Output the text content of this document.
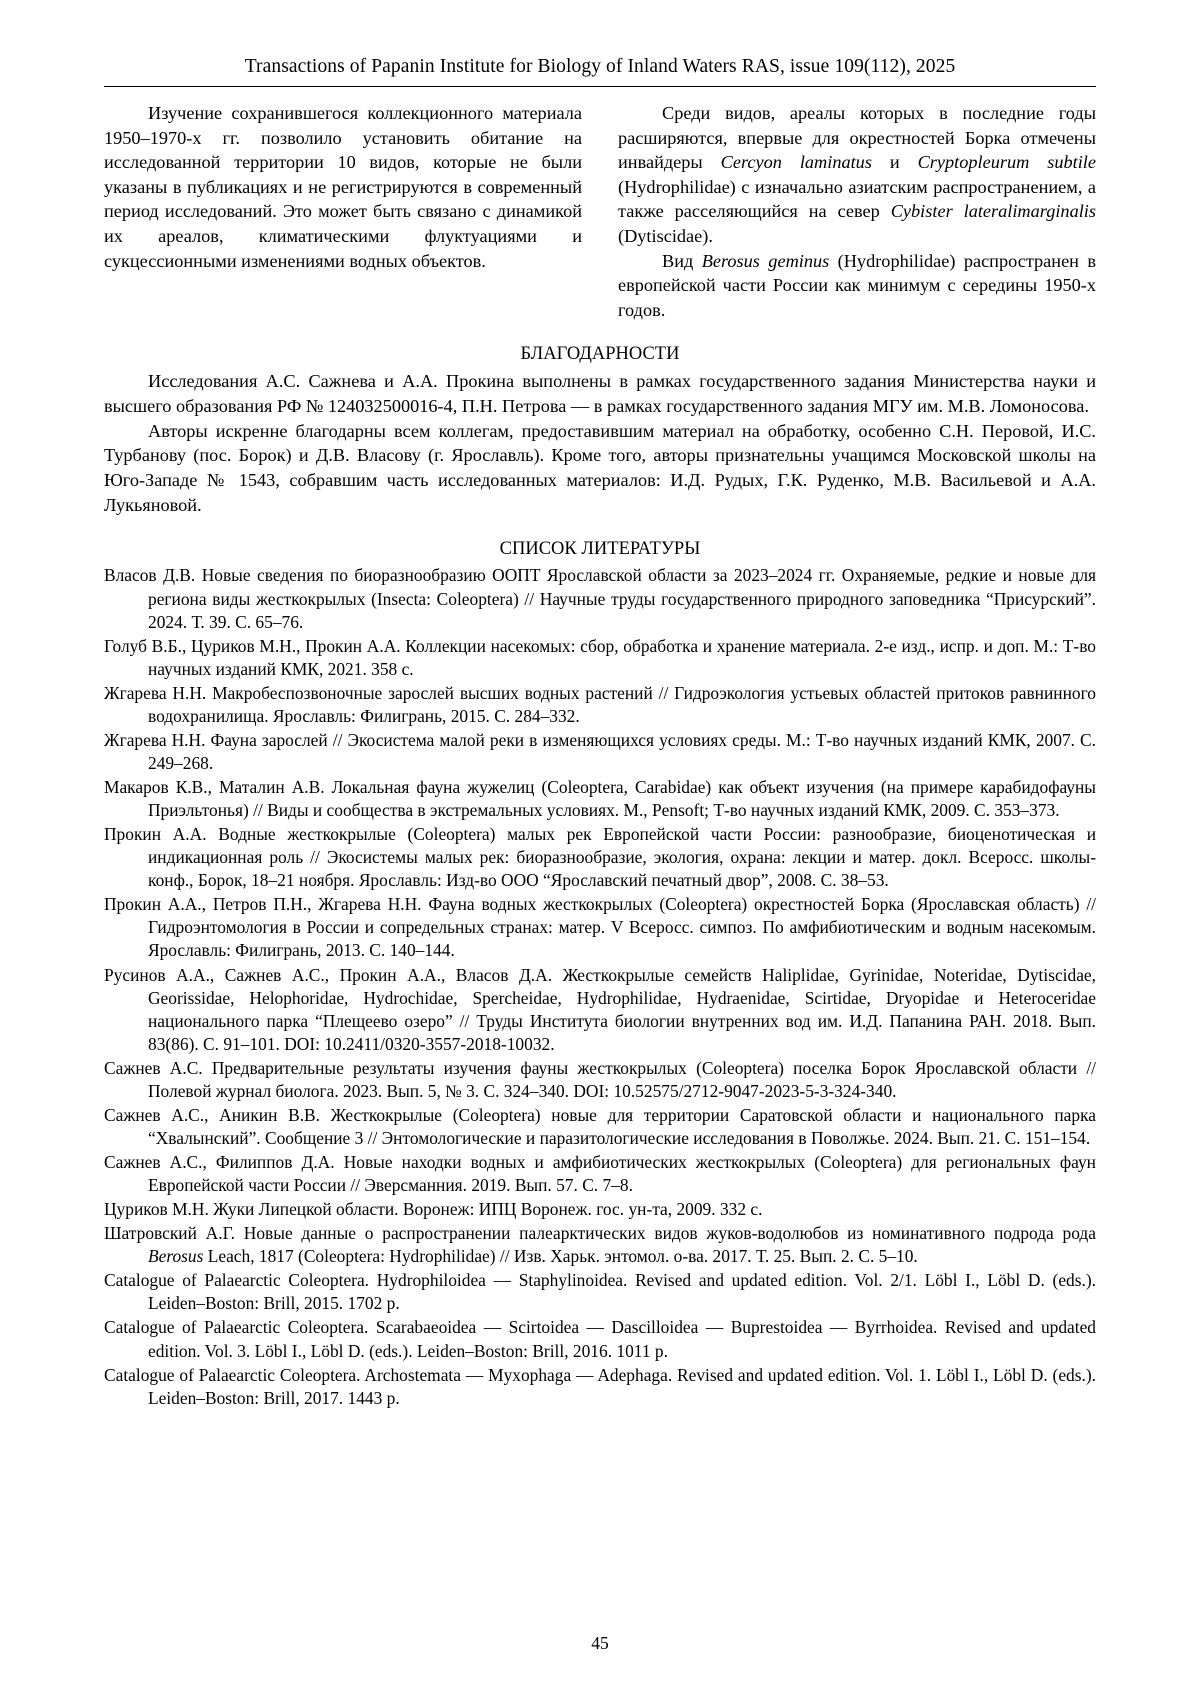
Transactions of Papanin Institute for Biology of Inland Waters RAS, issue 109(112), 2025

Изучение сохранившегося коллекционного материала 1950–1970-х гг. позволило установить обитание на исследованной территории 10 видов, которые не были указаны в публикациях и не регистрируются в современный период исследований. Это может быть связано с динамикой их ареалов, климатическими флуктуациями и сукцессионными изменениями водных объектов.

Среди видов, ареалы которых в последние годы расширяются, впервые для окрестностей Борка отмечены инвайдеры Cercyon laminatus и Cryptopleurum subtile (Hydrophilidae) с изначально азиатским распространением, а также расселяющийся на север Cybister lateralimarginalis (Dytiscidae).

Вид Berosus geminus (Hydrophilidae) распространен в европейской части России как минимум с середины 1950-х годов.

БЛАГОДАРНОСТИ

Исследования А.С. Сажнева и А.А. Прокина выполнены в рамках государственного задания Министерства науки и высшего образования РФ № 124032500016-4, П.Н. Петрова — в рамках государственного задания МГУ им. М.В. Ломоносова.

Авторы искренне благодарны всем коллегам, предоставившим материал на обработку, особенно С.Н. Перовой, И.С. Турбанову (пос. Борок) и Д.В. Власову (г. Ярославль). Кроме того, авторы признательны учащимся Московской школы на Юго-Западе № 1543, собравшим часть исследованных материалов: И.Д. Рудых, Г.К. Руденко, М.В. Васильевой и А.А. Лукьяновой.

СПИСОК ЛИТЕРАТУРЫ

Власов Д.В. Новые сведения по биоразнообразию ООПТ Ярославской области за 2023–2024 гг. Охраняемые, редкие и новые для региона виды жесткокрылых (Insecta: Coleoptera) // Научные труды государственного природного заповедника “Присурский”. 2024. Т. 39. С. 65–76.

Голуб В.Б., Цуриков М.Н., Прокин А.А. Коллекции насекомых: сбор, обработка и хранение материала. 2-е изд., испр. и доп. М.: Т-во научных изданий КМК, 2021. 358 с.

Жгарева Н.Н. Макробеспозвоночные зарослей высших водных растений // Гидроэкология устьевых областей притоков равнинного водохранилища. Ярославль: Филигрань, 2015. С. 284–332.

Жгарева Н.Н. Фауна зарослей // Экосистема малой реки в изменяющихся условиях среды. М.: Т-во научных изданий КМК, 2007. С. 249–268.

Макаров К.В., Маталин А.В. Локальная фауна жужелиц (Coleoptera, Carabidae) как объект изучения (на примере карабидофауны Приэльтонья) // Виды и сообщества в экстремальных условиях. М., Pensoft; Т-во научных изданий КМК, 2009. С. 353–373.

Прокин А.А. Водные жесткокрылые (Coleoptera) малых рек Европейской части России: разнообразие, биоценотическая и индикационная роль // Экосистемы малых рек: биоразнообразие, экология, охрана: лекции и матер. докл. Всеросс. школы-конф., Борок, 18–21 ноября. Ярославль: Изд-во ООО “Ярославский печатный двор”, 2008. С. 38–53.

Прокин А.А., Петров П.Н., Жгарева Н.Н. Фауна водных жесткокрылых (Coleoptera) окрестностей Борка (Ярославская область) // Гидроэнтомология в России и сопредельных странах: матер. V Всеросс. симпоз. По амфибиотическим и водным насекомым. Ярославль: Филигрань, 2013. С. 140–144.

Русинов А.А., Сажнев А.С., Прокин А.А., Власов Д.А. Жесткокрылые семейств Haliplidae, Gyrinidae, Noteridae, Dytiscidae, Georissidae, Helophoridae, Hydrochidae, Spercheidae, Hydrophilidae, Hydraenidae, Scirtidae, Dryopidae и Heteroceridae национального парка “Плещеево озеро” // Труды Института биологии внутренних вод им. И.Д. Папанина РАН. 2018. Вып. 83(86). С. 91–101. DOI: 10.2411/0320-3557-2018-10032.

Сажнев А.С. Предварительные результаты изучения фауны жесткокрылых (Coleoptera) поселка Борок Ярославской области // Полевой журнал биолога. 2023. Вып. 5, № 3. С. 324–340. DOI: 10.52575/2712-9047-2023-5-3-324-340.

Сажнев А.С., Аникин В.В. Жесткокрылые (Coleoptera) новые для территории Саратовской области и национального парка “Хвалынский”. Сообщение 3 // Энтомологические и паразитологические исследования в Поволжье. 2024. Вып. 21. С. 151–154.

Сажнев А.С., Филиппов Д.А. Новые находки водных и амфибиотических жесткокрылых (Coleoptera) для региональных фаун Европейской части России // Эверсманния. 2019. Вып. 57. С. 7–8.

Цуриков М.Н. Жуки Липецкой области. Воронеж: ИПЦ Воронеж. гос. ун-та, 2009. 332 с.

Шатровский А.Г. Новые данные о распространении палеарктических видов жуков-водолюбов из номинативного подрода рода Berosus Leach, 1817 (Coleoptera: Hydrophilidae) // Изв. Харьк. энтомол. о-ва. 2017. Т. 25. Вып. 2. С. 5–10.

Catalogue of Palaearctic Coleoptera. Hydrophiloidea — Staphylinoidea. Revised and updated edition. Vol. 2/1. Löbl I., Löbl D. (eds.). Leiden–Boston: Brill, 2015. 1702 p.

Catalogue of Palaearctic Coleoptera. Scarabaeoidea — Scirtoidea — Dascilloidea — Buprestoidea — Byrrhoidea. Revised and updated edition. Vol. 3. Löbl I., Löbl D. (eds.). Leiden–Boston: Brill, 2016. 1011 p.

Catalogue of Palaearctic Coleoptera. Archostemata — Myxophaga — Adephaga. Revised and updated edition. Vol. 1. Löbl I., Löbl D. (eds.). Leiden–Boston: Brill, 2017. 1443 p.

45
